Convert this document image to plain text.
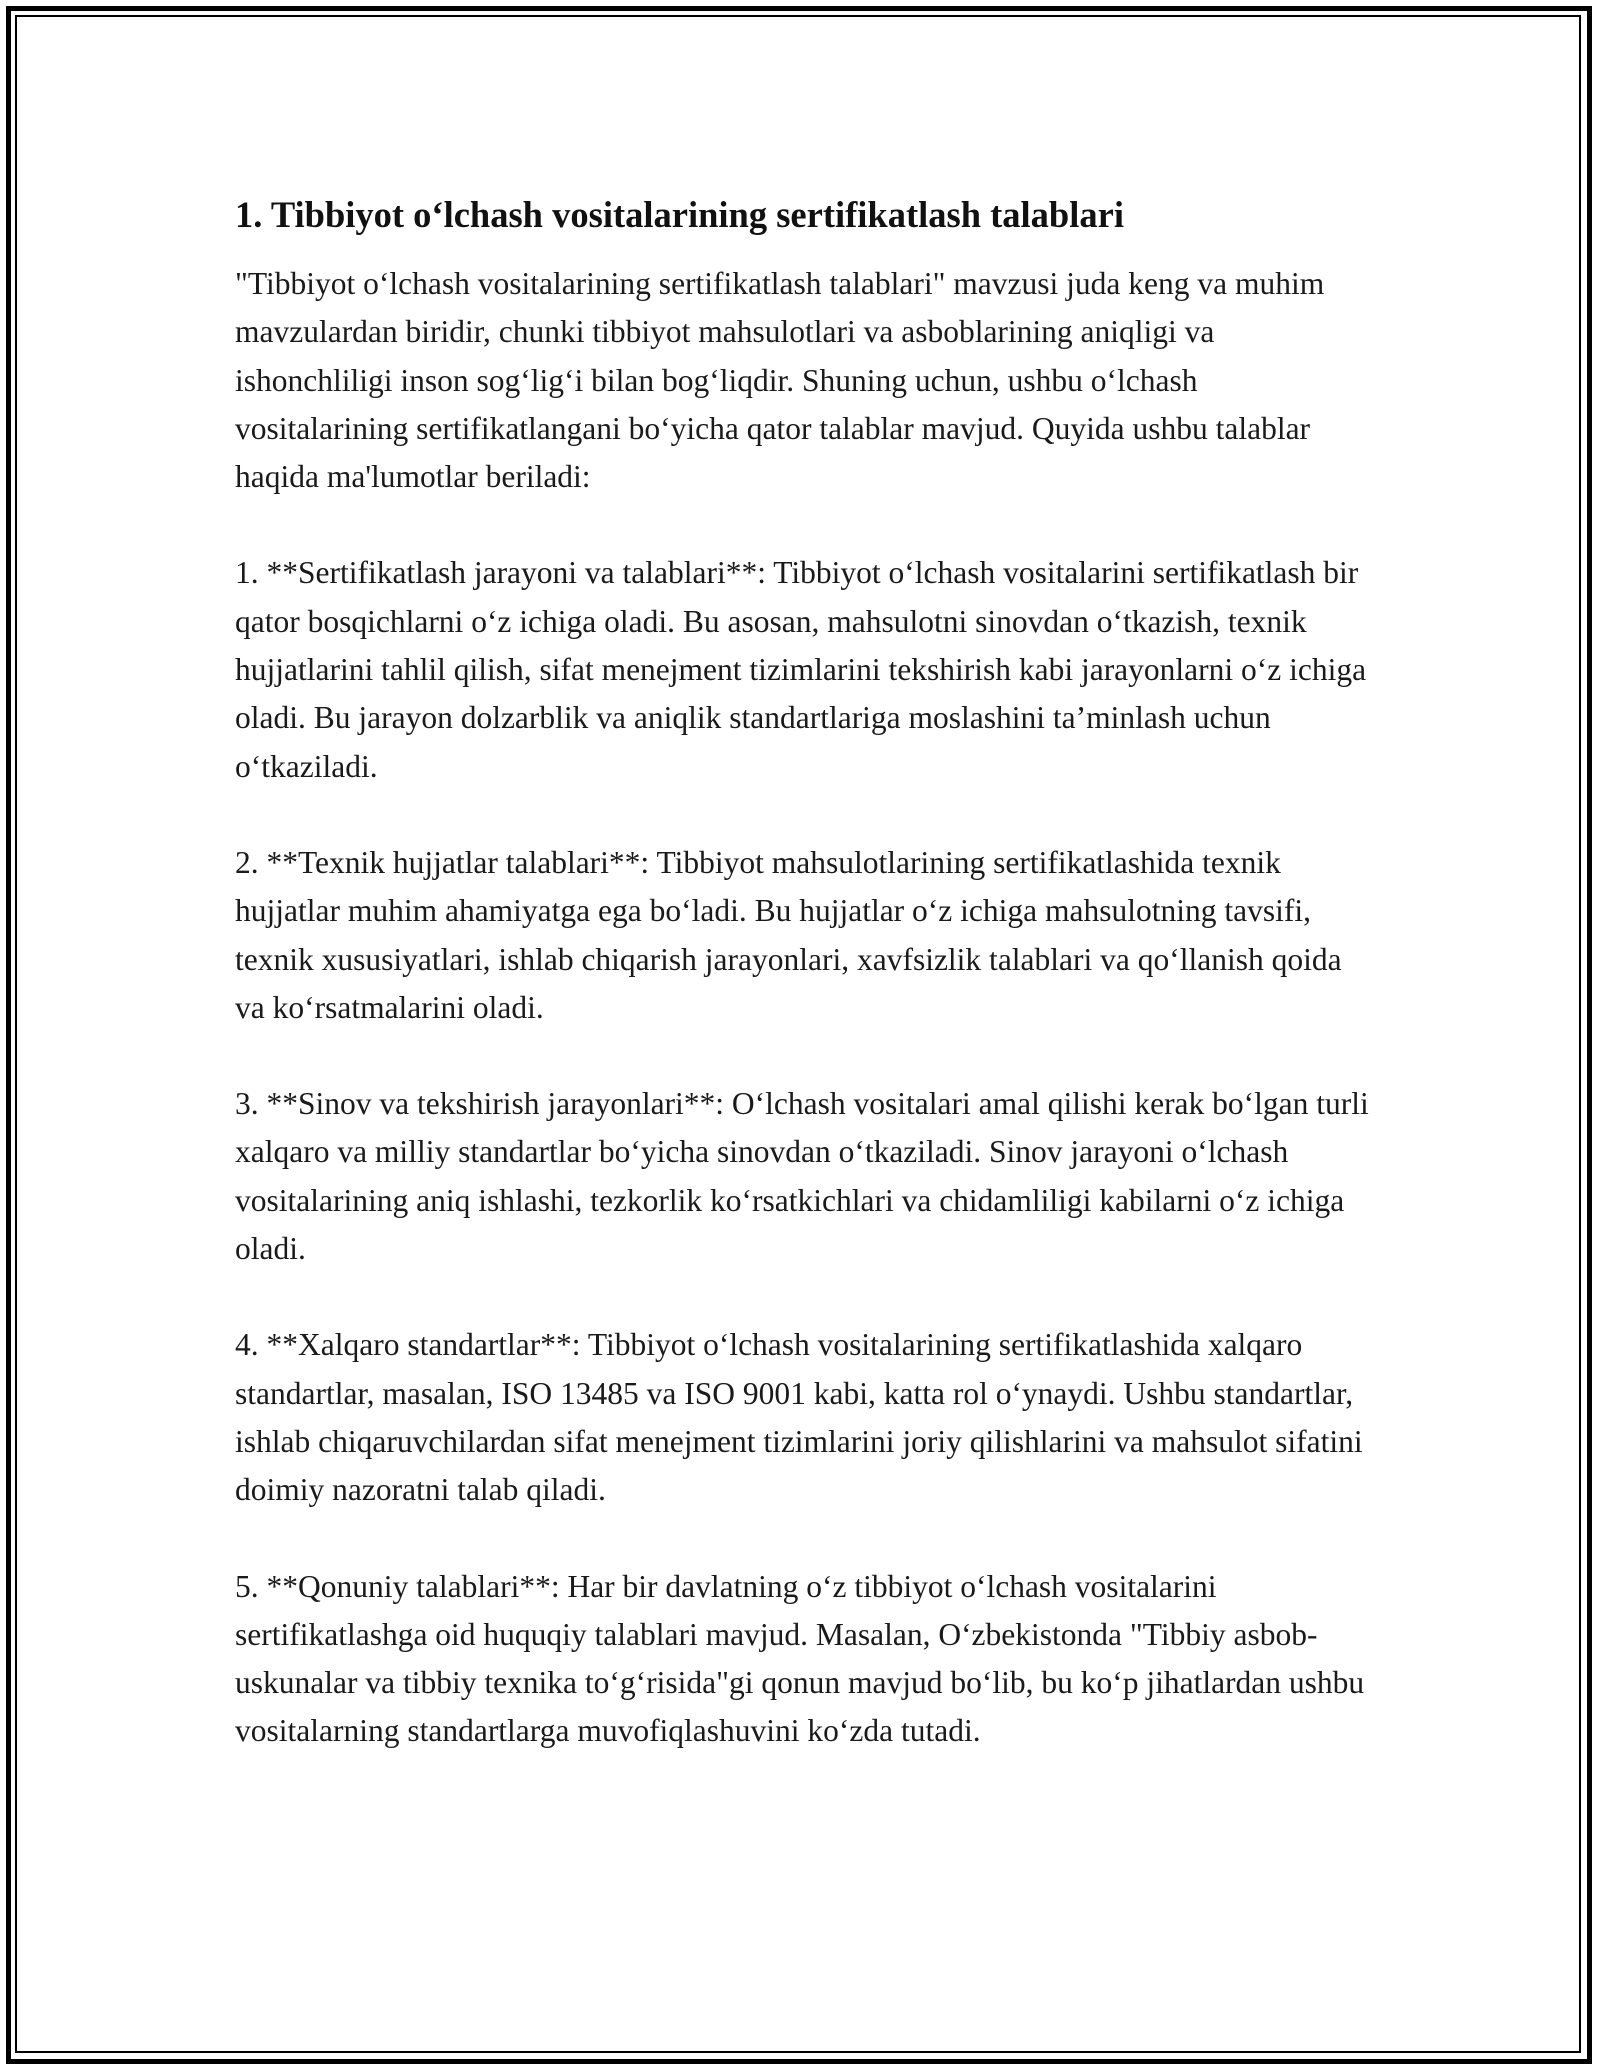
1. Tibbiyot o‘lchash vositalarining sertifikatlash talablari

"Tibbiyot o‘lchash vositalarining sertifikatlash talablari" mavzusi juda keng va muhim mavzulardan biridir, chunki tibbiyot mahsulotlari va asboblarining aniqligi va ishonchliligi inson sog‘lig‘i bilan bog‘liqdir. Shuning uchun, ushbu o‘lchash vositalarining sertifikatlangani bo‘yicha qator talablar mavjud. Quyida ushbu talablar haqida ma'lumotlar beriladi:

1. **Sertifikatlash jarayoni va talablari**: Tibbiyot o‘lchash vositalarini sertifikatlash bir qator bosqichlarni o‘z ichiga oladi. Bu asosan, mahsulotni sinovdan o‘tkazish, texnik hujjatlarini tahlil qilish, sifat menejment tizimlarini tekshirish kabi jarayonlarni o‘z ichiga oladi. Bu jarayon dolzarblik va aniqlik standartlariga moslashini ta’minlash uchun o‘tkaziladi.

2. **Texnik hujjatlar talablari**: Tibbiyot mahsulotlarining sertifikatlashida texnik hujjatlar muhim ahamiyatga ega bo‘ladi. Bu hujjatlar o‘z ichiga mahsulotning tavsifi, texnik xususiyatlari, ishlab chiqarish jarayonlari, xavfsizlik talablari va qo‘llanish qoida va ko‘rsatmalarini oladi.

3. **Sinov va tekshirish jarayonlari**: O‘lchash vositalari amal qilishi kerak bo‘lgan turli xalqaro va milliy standartlar bo‘yicha sinovdan o‘tkaziladi. Sinov jarayoni o‘lchash vositalarining aniq ishlashi, tezkorlik ko‘rsatkichlari va chidamliligi kabilarni o‘z ichiga oladi.

4. **Xalqaro standartlar**: Tibbiyot o‘lchash vositalarining sertifikatlashida xalqaro standartlar, masalan, ISO 13485 va ISO 9001 kabi, katta rol o‘ynaydi. Ushbu standartlar, ishlab chiqaruvchilardan sifat menejment tizimlarini joriy qilishlarini va mahsulot sifatini doimiy nazoratni talab qiladi.

5. **Qonuniy talablari**: Har bir davlatning o‘z tibbiyot o‘lchash vositalarini sertifikatlashga oid huquqiy talablari mavjud. Masalan, O‘zbekistonda "Tibbiy asbob-uskunalar va tibbiy texnika to‘g‘risida"gi qonun mavjud bo‘lib, bu ko‘p jihatlardan ushbu vositalarning standartlarga muvofiqlashuvini ko‘zda tutadi.
